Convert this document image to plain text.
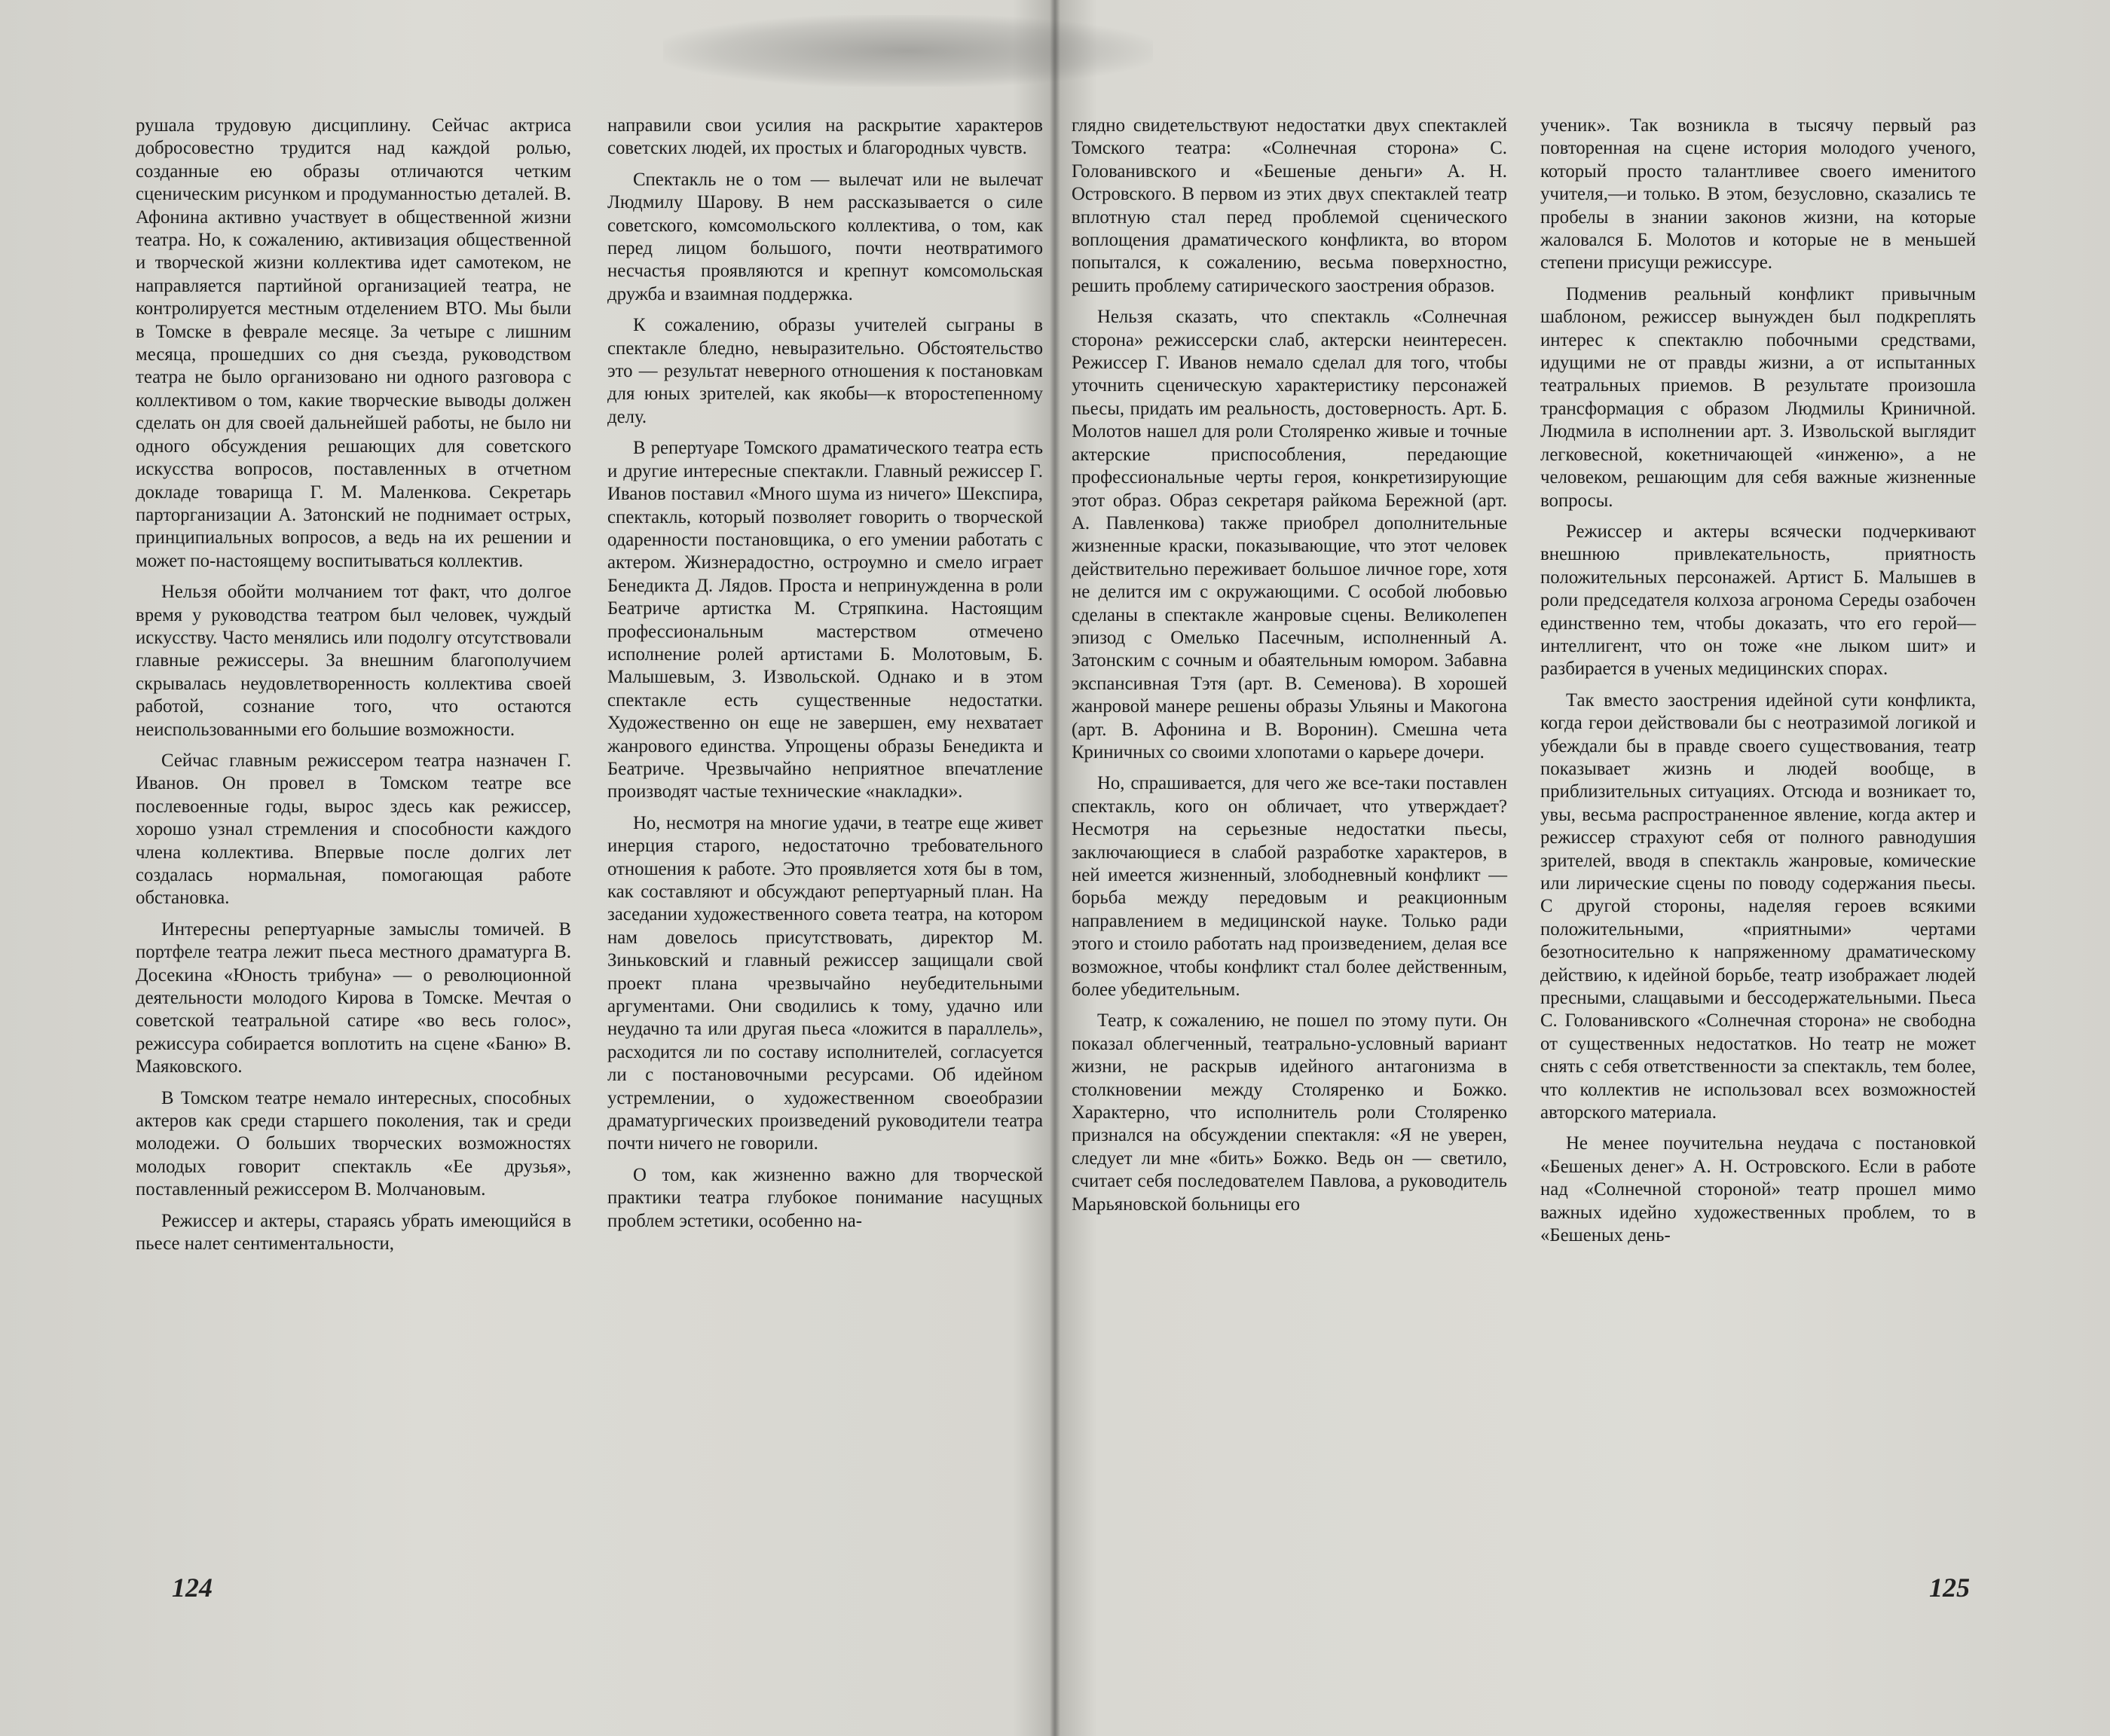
рушала трудовую дисциплину. Сейчас актриса добросовестно трудится над каждой ролью, созданные ею образы отличаются четким сценическим рисунком и продуманностью деталей. В. Афонина активно участвует в общественной жизни театра. Но, к сожалению, активизация общественной и творческой жизни коллектива идет самотеком, не направляется партийной организацией театра, не контролируется местным отделением ВТО. Мы были в Томске в феврале месяце. За четыре с лишним месяца, прошедших со дня съезда, руководством театра не было организовано ни одного разговора с коллективом о том, какие творческие выводы должен сделать он для своей дальнейшей работы, не было ни одного обсуждения решающих для советского искусства вопросов, поставленных в отчетном докладе товарища Г. М. Маленкова. Секретарь парторганизации А. Затонский не поднимает острых, принципиальных вопросов, а ведь на их решении и может по-настоящему воспитываться коллектив.

Нельзя обойти молчанием тот факт, что долгое время у руководства театром был человек, чуждый искусству. Часто менялись или подолгу отсутствовали главные режиссеры. За внешним благополучием скрывалась неудовлетворенность коллектива своей работой, сознание того, что остаются неиспользованными его большие возможности.

Сейчас главным режиссером театра назначен Г. Иванов. Он провел в Томском театре все послевоенные годы, вырос здесь как режиссер, хорошо узнал стремления и способности каждого члена коллектива. Впервые после долгих лет создалась нормальная, помогающая работе обстановка.

Интересны репертуарные замыслы томичей. В портфеле театра лежит пьеса местного драматурга В. Досекина «Юность трибуна» — о революционной деятельности молодого Кирова в Томске. Мечтая о советской театральной сатире «во весь голос», режиссура собирается воплотить на сцене «Баню» В. Маяковского.

В Томском театре немало интересных, способных актеров как среди старшего поколения, так и среди молодежи. О больших творческих возможностях молодых говорит спектакль «Ее друзья», поставленный режиссером В. Молчановым.

Режиссер и актеры, стараясь убрать имеющийся в пьесе налет сентиментальности,

направили свои усилия на раскрытие характеров советских людей, их простых и благородных чувств.

Спектакль не о том — вылечат или не вылечат Людмилу Шарову. В нем рассказывается о силе советского, комсомольского коллектива, о том, как перед лицом большого, почти неотвратимого несчастья проявляются и крепнут комсомольская дружба и взаимная поддержка.

К сожалению, образы учителей сыграны в спектакле бледно, невыразительно. Обстоятельство это — результат неверного отношения к постановкам для юных зрителей, как якобы—к второстепенному делу.

В репертуаре Томского драматического театра есть и другие интересные спектакли. Главный режиссер Г. Иванов поставил «Много шума из ничего» Шекспира, спектакль, который позволяет говорить о творческой одаренности постановщика, о его умении работать с актером. Жизнерадостно, остроумно и смело играет Бенедикта Д. Лядов. Проста и непринужденна в роли Беатриче артистка М. Стряпкина. Настоящим профессиональным мастерством отмечено исполнение ролей артистами Б. Молотовым, Б. Малышевым, З. Извольской. Однако и в этом спектакле есть существенные недостатки. Художественно он еще не завершен, ему нехватает жанрового единства. Упрощены образы Бенедикта и Беатриче. Чрезвычайно неприятное впечатление производят частые технические «накладки».

Но, несмотря на многие удачи, в театре еще живет инерция старого, недостаточно требовательного отношения к работе. Это проявляется хотя бы в том, как составляют и обсуждают репертуарный план. На заседании художественного совета театра, на котором нам довелось присутствовать, директор М. Зиньковский и главный режиссер защищали свой проект плана чрезвычайно неубедительными аргументами. Они сводились к тому, удачно или неудачно та или другая пьеса «ложится в параллель», расходится ли по составу исполнителей, согласуется ли с постановочными ресурсами. Об идейном устремлении, о художественном своеобразии драматургических произведений руководители театра почти ничего не говорили.

О том, как жизненно важно для творческой практики театра глубокое понимание насущных проблем эстетики, особенно на-

124

глядно свидетельствуют недостатки двух спектаклей Томского театра: «Солнечная сторона» С. Голованивского и «Бешеные деньги» А. Н. Островского. В первом из этих двух спектаклей театр вплотную стал перед проблемой сценического воплощения драматического конфликта, во втором попытался, к сожалению, весьма поверхностно, решить проблему сатирического заострения образов.

Нельзя сказать, что спектакль «Солнечная сторона» режиссерски слаб, актерски неинтересен. Режиссер Г. Иванов немало сделал для того, чтобы уточнить сценическую характеристику персонажей пьесы, придать им реальность, достоверность. Арт. Б. Молотов нашел для роли Столяренко живые и точные актерские приспособления, передающие профессиональные черты героя, конкретизирующие этот образ. Образ секретаря райкома Бережной (арт. А. Павленкова) также приобрел дополнительные жизненные краски, показывающие, что этот человек действительно переживает большое личное горе, хотя не делится им с окружающими. С особой любовью сделаны в спектакле жанровые сцены. Великолепен эпизод с Омелько Пасечным, исполненный А. Затонским с сочным и обаятельным юмором. Забавна экспансивная Тэтя (арт. В. Семенова). В хорошей жанровой манере решены образы Ульяны и Макогона (арт. В. Афонина и В. Воронин). Смешна чета Криничных со своими хлопотами о карьере дочери.

Но, спрашивается, для чего же все-таки поставлен спектакль, кого он обличает, что утверждает? Несмотря на серьезные недостатки пьесы, заключающиеся в слабой разработке характеров, в ней имеется жизненный, злободневный конфликт — борьба между передовым и реакционным направлением в медицинской науке. Только ради этого и стоило работать над произведением, делая все возможное, чтобы конфликт стал более действенным, более убедительным.

Театр, к сожалению, не пошел по этому пути. Он показал облегченный, театрально-условный вариант жизни, не раскрыв идейного антагонизма в столкновении между Столяренко и Божко. Характерно, что исполнитель роли Столяренко признался на обсуждении спектакля: «Я не уверен, следует ли мне «бить» Божко. Ведь он — светило, считает себя последователем Павлова, а руководитель Марьяновской больницы его

ученик». Так возникла в тысячу первый раз повторенная на сцене история молодого ученого, который просто талантливее своего именитого учителя,—и только. В этом, безусловно, сказались те пробелы в знании законов жизни, на которые жаловался Б. Молотов и которые не в меньшей степени присущи режиссуре.

Подменив реальный конфликт привычным шаблоном, режиссер вынужден был подкреплять интерес к спектаклю побочными средствами, идущими не от правды жизни, а от испытанных театральных приемов. В результате произошла трансформация с образом Людмилы Криничной. Людмила в исполнении арт. З. Извольской выглядит легковесной, кокетничающей «инженю», а не человеком, решающим для себя важные жизненные вопросы.

Режиссер и актеры всячески подчеркивают внешнюю привлекательность, приятность положительных персонажей. Артист Б. Малышев в роли председателя колхоза агронома Середы озабочен единственно тем, чтобы доказать, что его герой—интеллигент, что он тоже «не лыком шит» и разбирается в ученых медицинских спорах.

Так вместо заострения идейной сути конфликта, когда герои действовали бы с неотразимой логикой и убеждали бы в правде своего существования, театр показывает жизнь и людей вообще, в приблизительных ситуациях. Отсюда и возникает то, увы, весьма распространенное явление, когда актер и режиссер страхуют себя от полного равнодушия зрителей, вводя в спектакль жанровые, комические или лирические сцены по поводу содержания пьесы. С другой стороны, наделяя героев всякими положительными, «приятными» чертами безотносительно к напряженному драматическому действию, к идейной борьбе, театр изображает людей пресными, слащавыми и бессодержательными. Пьеса С. Голованивского «Солнечная сторона» не свободна от существенных недостатков. Но театр не может снять с себя ответственности за спектакль, тем более, что коллектив не использовал всех возможностей авторского материала.

Не менее поучительна неудача с постановкой «Бешеных денег» А. Н. Островского. Если в работе над «Солнечной стороной» театр прошел мимо важных идейно художественных проблем, то в «Бешеных день-

125
